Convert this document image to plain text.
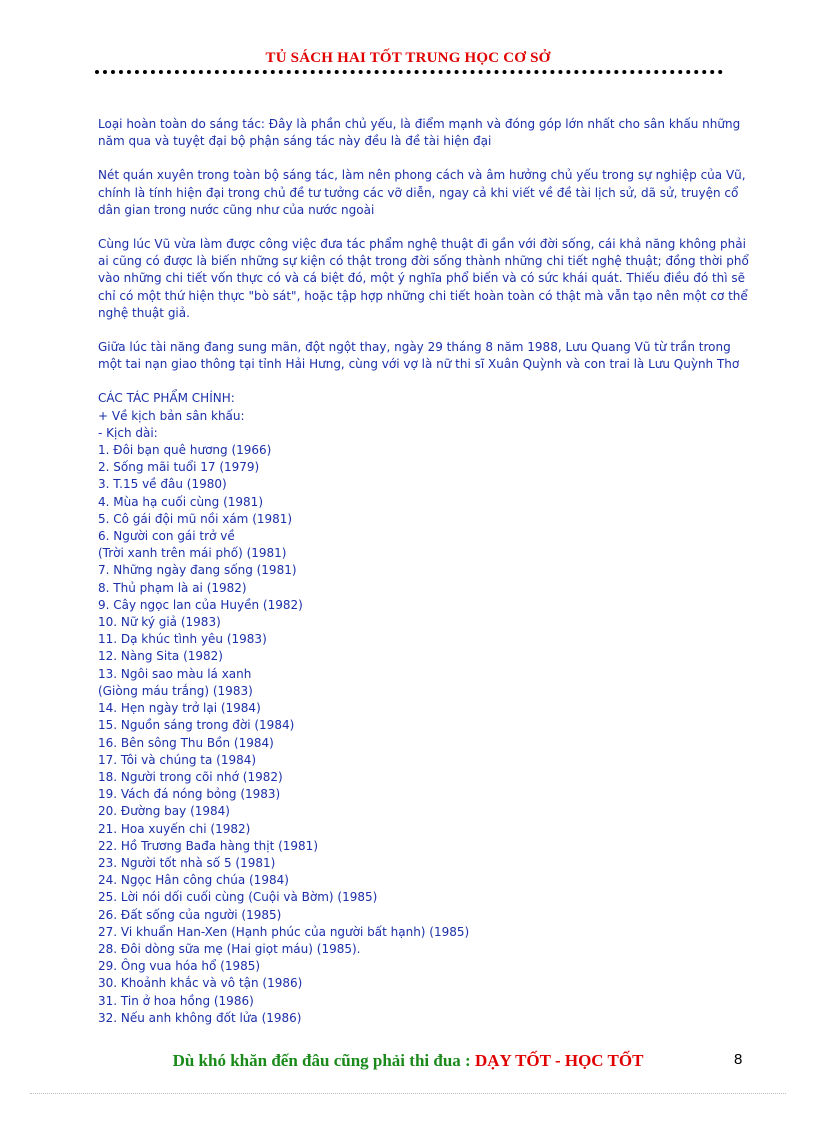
TỦ SÁCH HAI TỐT TRUNG HỌC CƠ SỞ

Loại hoàn toàn do sáng tác: Đây là phần chủ yếu, là điểm mạnh và đóng góp lớn nhất cho sân khấu những năm qua và tuyệt đại bộ phận sáng tác này đều là đề tài hiện đại

Nét quán xuyên trong toàn bộ sáng tác, làm nên phong cách và âm hưởng chủ yếu trong sự nghiệp của Vũ, chính là tính hiện đại trong chủ đề tư tưởng các vỡ diễn, ngay cả khi viết về đề tài lịch sử, dã sử, truyện cổ dân gian trong nước cũng như của nước ngoài

Cùng lúc Vũ vừa làm được công việc đưa tác phẩm nghệ thuật đi gần với đời sống, cái khả năng không phải ai cũng có được là biến những sự kiện có thật trong đời sống thành những chi tiết nghệ thuật; đồng thời phổ vào những chi tiết vốn thực có và cá biệt đó, một ý nghĩa phổ biến và có sức khái quát. Thiếu điều đó thì sẽ chỉ có một thứ hiện thực "bò sát", hoặc tập hợp những chi tiết hoàn toàn có thật mà vẫn tạo nên một cơ thể nghệ thuật giả.

Giữa lúc tài năng đang sung mãn, đột ngột thay, ngày 29 tháng 8 năm 1988, Lưu Quang Vũ từ trần trong một tai nạn giao thông tại tỉnh Hải Hưng, cùng với vợ là nữ thi sĩ Xuân Quỳnh và con trai là Lưu Quỳnh Thơ

CÁC TÁC PHẨM CHÍNH:
+ Về kịch bản sân khấu:
- Kịch dài:
1. Đôi bạn quê hương (1966)
2. Sống mãi tuổi 17 (1979)
3. T.15 về đâu (1980)
4. Mùa hạ cuối cùng (1981)
5. Cô gái đội mũ nồi xám (1981)
6. Người con gái trở về
(Trời xanh trên mái phố) (1981)
7. Những ngày đang sống (1981)
8. Thủ phạm là ai (1982)
9. Cây ngọc lan của Huyền (1982)
10. Nữ ký giả (1983)
11. Dạ khúc tình yêu (1983)
12. Nàng Sita (1982)
13. Ngôi sao màu lá xanh
(Giòng máu trắng) (1983)
14. Hẹn ngày trở lại (1984)
15. Nguồn sáng trong đời (1984)
16. Bên sông Thu Bồn (1984)
17. Tôi và chúng ta (1984)
18. Người trong cõi nhớ (1982)
19. Vách đá nóng bỏng (1983)
20. Đường bay (1984)
21. Hoa xuyến chi (1982)
22. Hồ Trương Bađa hàng thịt (1981)
23. Người tốt nhà số 5 (1981)
24. Ngọc Hân công chúa (1984)
25. Lời nói dối cuối cùng (Cuội và Bờm) (1985)
26. Đất sống của người (1985)
27. Vi khuẩn Han-Xen (Hạnh phúc của người bất hạnh) (1985)
28. Đôi dòng sữa mẹ (Hai giọt máu) (1985).
29. Ông vua hóa hổ (1985)
30. Khoảnh khắc và vô tận (1986)
31. Tin ở hoa hồng (1986)
32. Nếu anh không đốt lửa (1986)
Dù khó khăn đến đâu cũng phải thi đua : DẠY TỐT - HỌC TỐT	8
